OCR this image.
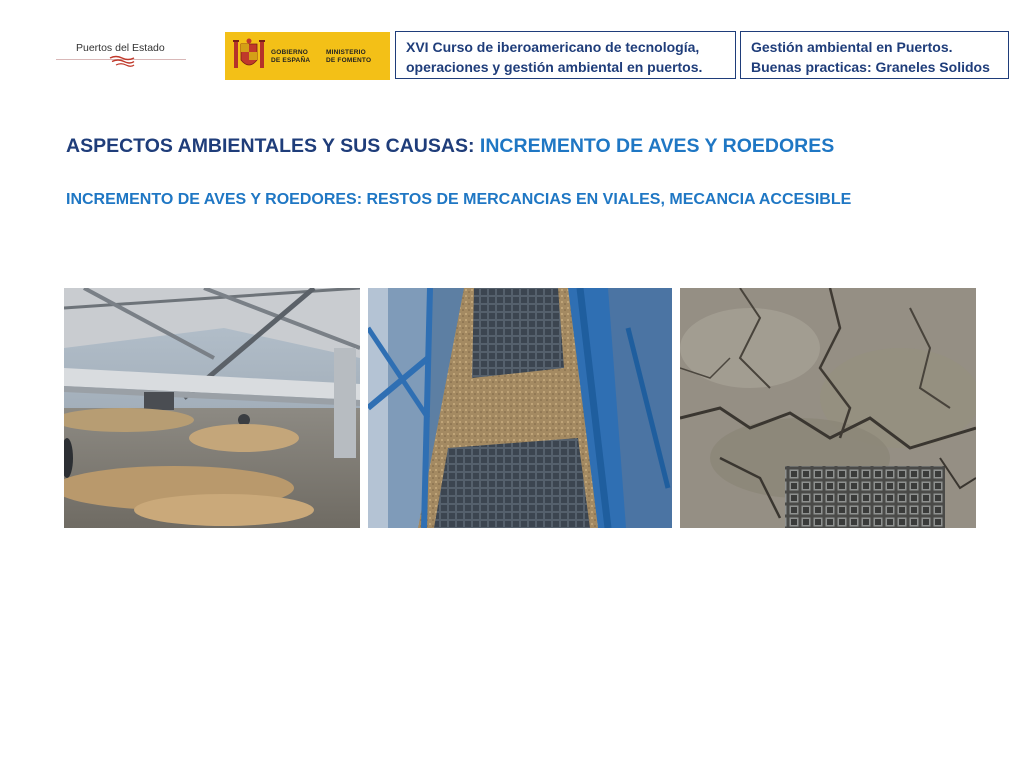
Puertos del Estado	GOBIERNO
DE ESPAÑA
MINISTERIO
DE FOMENTO
XVI Curso de iberoamericano de tecnología,
operaciones y gestión ambiental en puertos.
Gestión ambiental en Puertos.
Buenas practicas: Graneles Solidos
ASPECTOS AMBIENTALES Y SUS CAUSAS: INCREMENTO DE AVES Y ROEDORES
INCREMENTO DE AVES Y ROEDORES: RESTOS DE MERCANCIAS EN VIALES, MECANCIA ACCESIBLE
